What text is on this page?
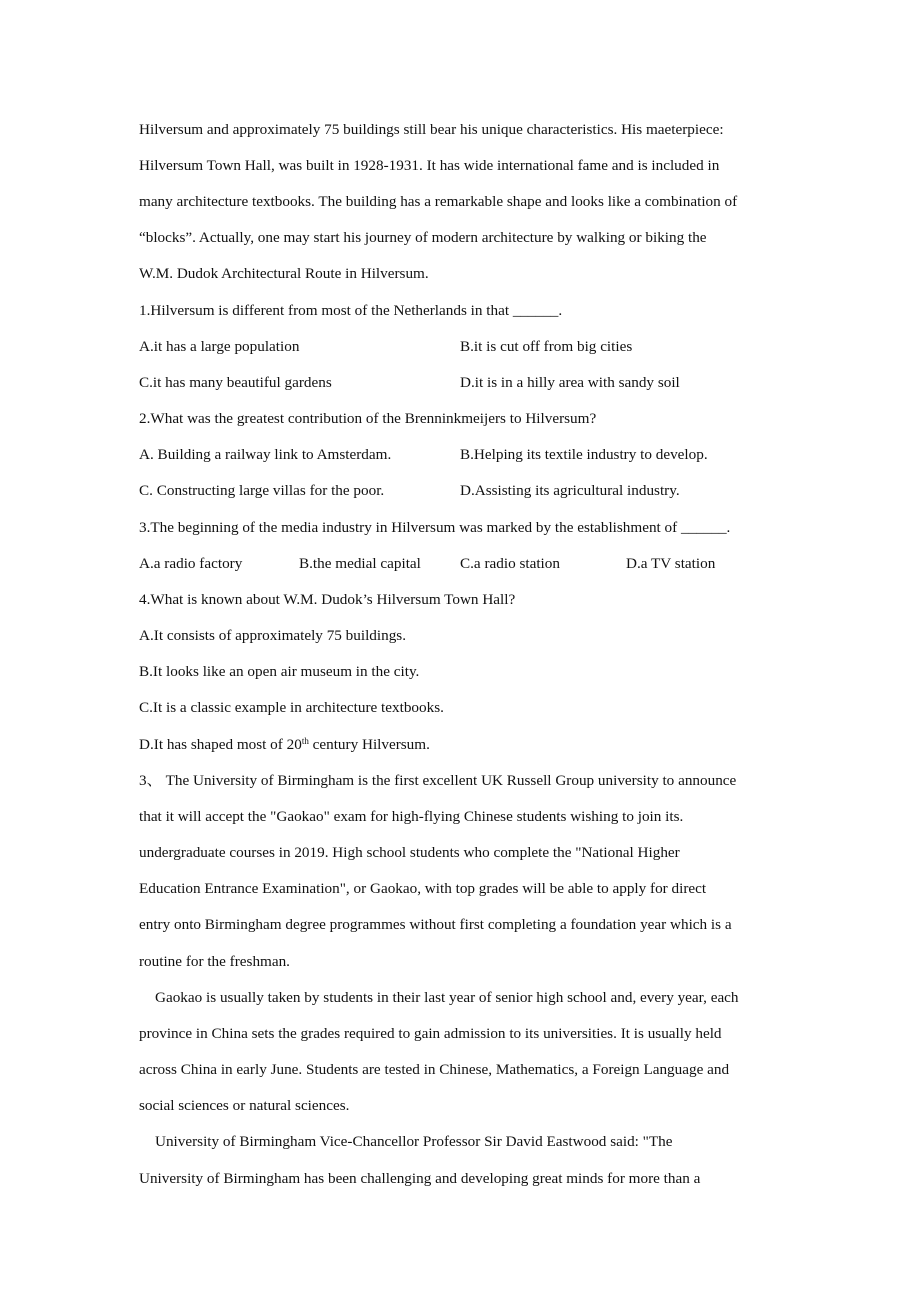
Hilversum and approximately 75 buildings still bear his unique characteristics. His maeterpiece:
Hilversum Town Hall, was built in 1928-1931. It has wide international fame and is included in
many architecture textbooks. The building has a remarkable shape and looks like a combination of
“blocks”. Actually, one may start his journey of modern architecture by walking or biking the
W.M. Dudok Architectural Route in Hilversum.
1.Hilversum is different from most of the Netherlands in that ______.
A.it has a large population	B.it is cut off from big cities
C.it has many beautiful gardens	D.it is in a hilly area with sandy soil
2.What was the greatest contribution of the Brenninkmeijers to Hilversum?
A. Building a railway link to Amsterdam.	B.Helping its textile industry to develop.
C. Constructing large villas for the poor.	D.Assisting its agricultural industry.
3.The beginning of the media industry in Hilversum was marked by the establishment of ______.
A.a radio factory	B.the medial capital	C.a radio station	D.a TV station
4.What is known about W.M. Dudok’s Hilversum Town Hall?
A.It consists of approximately 75 buildings.
B.It looks like an open air museum in the city.
C.It is a classic example in architecture textbooks.
D.It has shaped most of 20th century Hilversum.
3、 The University of Birmingham is the first excellent UK Russell Group university to announce
that it will accept the "Gaokao" exam for high-flying Chinese students wishing to join its.
undergraduate courses in 2019. High school students who complete the "National Higher
Education Entrance Examination", or Gaokao, with top grades will be able to apply for direct
entry onto Birmingham degree programmes without first completing a foundation year which is a
routine for the freshman.
Gaokao is usually taken by students in their last year of senior high school and, every year, each
province in China sets the grades required to gain admission to its universities. It is usually held
across China in early June. Students are tested in Chinese, Mathematics, a Foreign Language and
social sciences or natural sciences.
University of Birmingham Vice-Chancellor Professor Sir David Eastwood said: "The
University of Birmingham has been challenging and developing great minds for more than a
